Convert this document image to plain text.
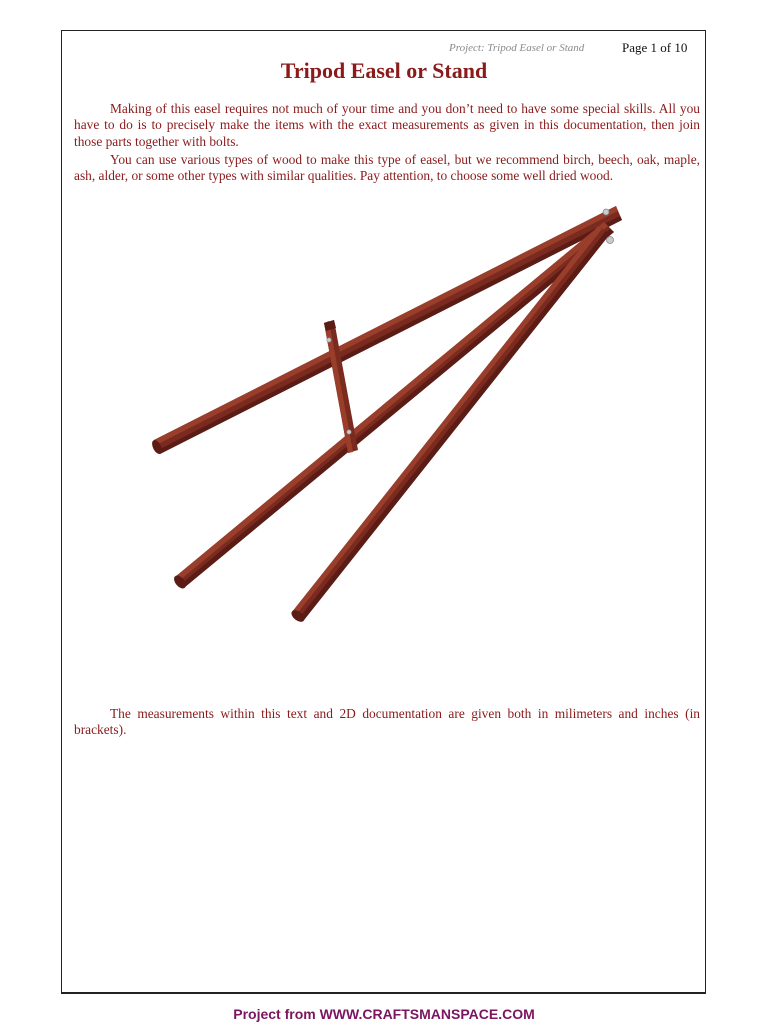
Project: Tripod Easel or Stand	Page 1 of 10
Tripod Easel or Stand

Making of this easel requires not much of your time and you don’t need to have some special skills. All you have to do is to precisely make the items with the exact measurements as given in this documentation, then join those parts together with bolts.

You can use various types of wood to make this type of easel, but we recommend birch, beech, oak, maple, ash, alder, or some other types with similar qualities. Pay attention, to choose some well dried wood.

The measurements within this text and 2D documentation are given both in milimeters and inches (in brackets).

Project from WWW.CRAFTSMANSPACE.COM
